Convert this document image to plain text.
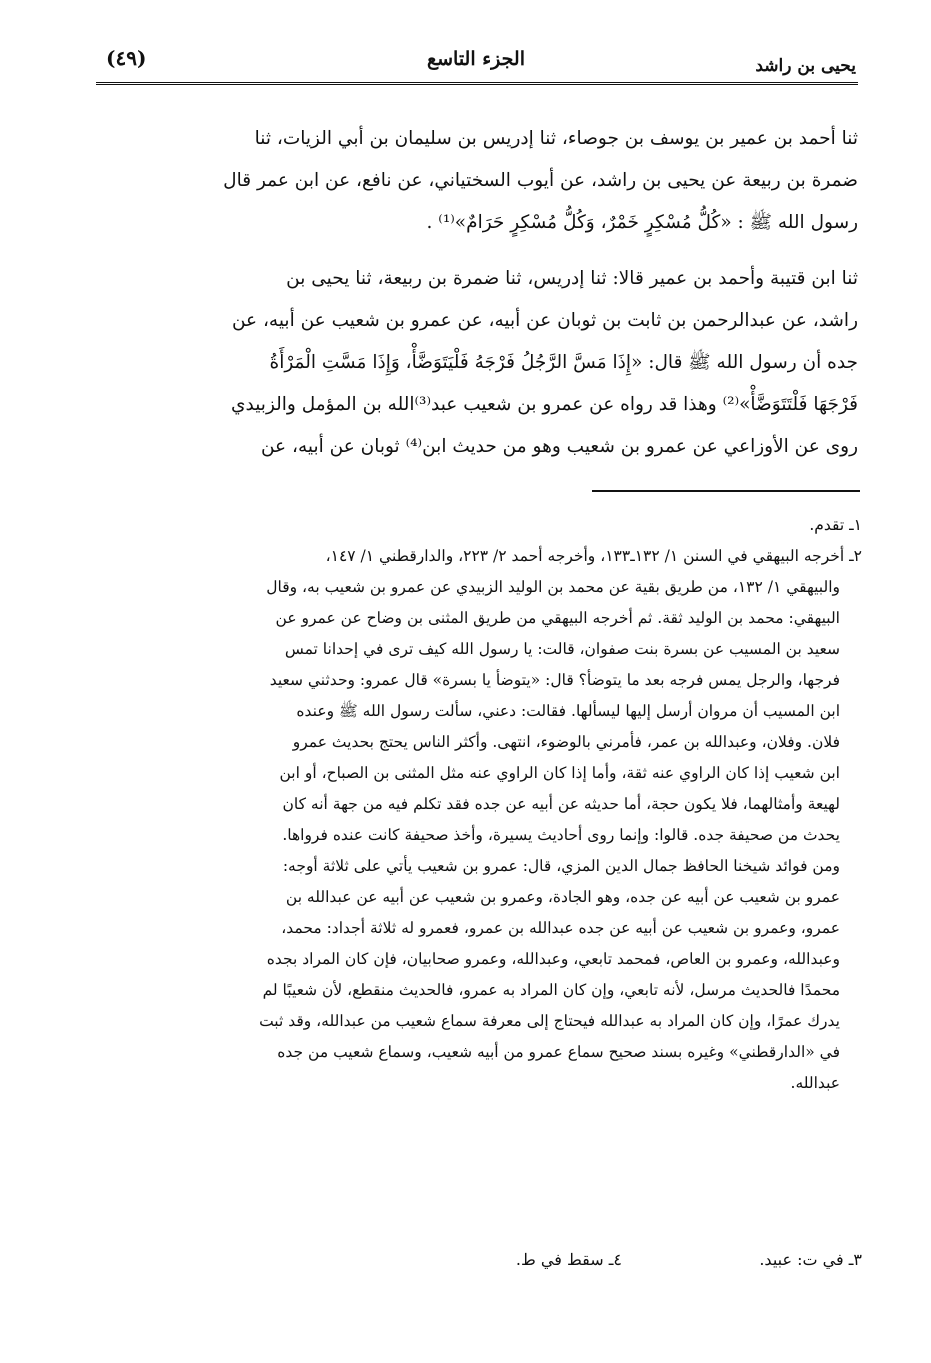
يحيى بن راشد
الجزء التاسع
(٤٩)
ثنا أحمد بن عمير بن يوسف بن جوصاء، ثنا إدريس بن سليمان بن أبي الزيات، ثنا
ضمرة بن ربيعة عن يحيى بن راشد، عن أيوب السختياني، عن نافع، عن ابن عمر قال
رسول الله ﷺ : «كُلُّ مُسْكِرٍ خَمْرٌ، وَكُلُّ مُسْكِرٍ حَرَامٌ»⁽¹⁾ .
ثنا ابن قتيبة وأحمد بن عمير قالا: ثنا إدريس، ثنا ضمرة بن ربيعة، ثنا يحيى بن
راشد، عن عبدالرحمن بن ثابت بن ثوبان عن أبيه، عن عمرو بن شعيب عن أبيه، عن
جده أن رسول الله ﷺ قال: «إِذَا مَسَّ الرَّجُلُ فَرْجَهُ فَلْيَتَوَضَّأْ، وَإِذَا مَسَّتِ الْمَرْأَةُ
فَرْجَهَا فَلْتَتَوَضَّأْ»⁽²⁾ وهذا قد رواه عن عمرو بن شعيب عبد⁽³⁾الله بن المؤمل والزبيدي
روى عن الأوزاعي عن عمرو بن شعيب وهو من حديث ابن⁽⁴⁾ ثوبان عن أبيه، عن
١ـ تقدم.
٢ـ أخرجه البيهقي في السنن ١/ ١٣٢ـ١٣٣، وأخرجه أحمد ٢/ ٢٢٣، والدارقطني ١/ ١٤٧،
والبيهقي ١/ ١٣٢، من طريق بقية عن محمد بن الوليد الزبيدي عن عمرو بن شعيب به، وقال
البيهقي: محمد بن الوليد ثقة. ثم أخرجه البيهقي من طريق المثنى بن وضاح عن عمرو عن
سعيد بن المسيب عن بسرة بنت صفوان، قالت: يا رسول الله كيف ترى في إحدانا تمس
فرجها، والرجل يمس فرجه بعد ما يتوضأ؟ قال: «يتوضأ يا بسرة» قال عمرو: وحدثني سعيد
ابن المسيب أن مروان أرسل إليها ليسألها. فقالت: دعني، سألت رسول الله ﷺ وعنده
فلان. وفلان، وعبدالله بن عمر، فأمرني بالوضوء، انتهى. وأكثر الناس يحتج بحديث عمرو
ابن شعيب إذا كان الراوي عنه ثقة، وأما إذا كان الراوي عنه مثل المثنى بن الصباح، أو ابن
لهيعة وأمثالهما، فلا يكون حجة، أما حديثه عن أبيه عن جده فقد تكلم فيه من جهة أنه كان
يحدث من صحيفة جده. قالوا: وإنما روى أحاديث يسيرة، وأخذ صحيفة كانت عنده فرواها.
ومن فوائد شيخنا الحافظ جمال الدين المزي، قال: عمرو بن شعيب يأتي على ثلاثة أوجه:
عمرو بن شعيب عن أبيه عن جده، وهو الجادة، وعمرو بن شعيب عن أبيه عن عبدالله بن
عمرو، وعمرو بن شعيب عن أبيه عن جده عبدالله بن عمرو، فعمرو له ثلاثة أجداد: محمد،
وعبدالله، وعمرو بن العاص، فمحمد تابعي، وعبدالله، وعمرو صحابيان، فإن كان المراد بجده
محمدًا فالحديث مرسل، لأنه تابعي، وإن كان المراد به عمرو، فالحديث منقطع، لأن شعيبًا لم
يدرك عمرًا، وإن كان المراد به عبدالله فيحتاج إلى معرفة سماع شعيب من عبدالله، وقد ثبت
في «الدارقطني» وغيره بسند صحيح سماع عمرو من أبيه شعيب، وسماع شعيب من جده
عبدالله.
٣ـ في ت: عبيد.
٤ـ سقط في ط.
